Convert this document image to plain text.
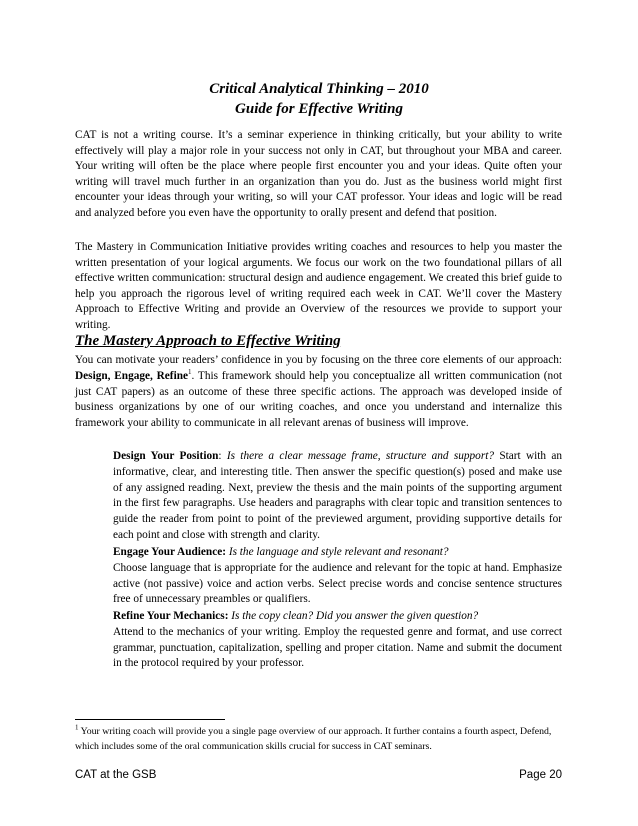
Critical Analytical Thinking – 2010
Guide for Effective Writing

CAT is not a writing course. It’s a seminar experience in thinking critically, but your ability to write effectively will play a major role in your success not only in CAT, but throughout your MBA and career. Your writing will often be the place where people first encounter you and your ideas. Quite often your writing will travel much further in an organization than you do. Just as the business world might first encounter your ideas through your writing, so will your CAT professor. Your ideas and logic will be read and analyzed before you even have the opportunity to orally present and defend that position.

The Mastery in Communication Initiative provides writing coaches and resources to help you master the written presentation of your logical arguments. We focus our work on the two foundational pillars of all effective written communication: structural design and audience engagement. We created this brief guide to help you approach the rigorous level of writing required each week in CAT. We’ll cover the Mastery Approach to Effective Writing and provide an Overview of the resources we provide to support your writing.

The Mastery Approach to Effective Writing

You can motivate your readers’ confidence in you by focusing on the three core elements of our approach: Design, Engage, Refine$^1$. This framework should help you conceptualize all written communication (not just CAT papers) as an outcome of these three specific actions. The approach was developed inside of business organizations by one of our writing coaches, and once you understand and internalize this framework your ability to communicate in all relevant arenas of business will improve.

Design Your Position: Is there a clear message frame, structure and support? Start with an informative, clear, and interesting title. Then answer the specific question(s) posed and make use of any assigned reading. Next, preview the thesis and the main points of the supporting argument in the first few paragraphs. Use headers and paragraphs with clear topic and transition sentences to guide the reader from point to point of the previewed argument, providing supportive details for each point and close with strength and clarity.

Engage Your Audience: Is the language and style relevant and resonant?
Choose language that is appropriate for the audience and relevant for the topic at hand. Emphasize active (not passive) voice and action verbs. Select precise words and concise sentence structures free of unnecessary preambles or qualifiers.

Refine Your Mechanics: Is the copy clean? Did you answer the given question?
Attend to the mechanics of your writing. Employ the requested genre and format, and use correct grammar, punctuation, capitalization, spelling and proper citation. Name and submit the document in the protocol required by your professor.

$^1$ Your writing coach will provide you a single page overview of our approach. It further contains a fourth aspect, Defend, which includes some of the oral communication skills crucial for success in CAT seminars.

CAT at the GSB	Page 20
